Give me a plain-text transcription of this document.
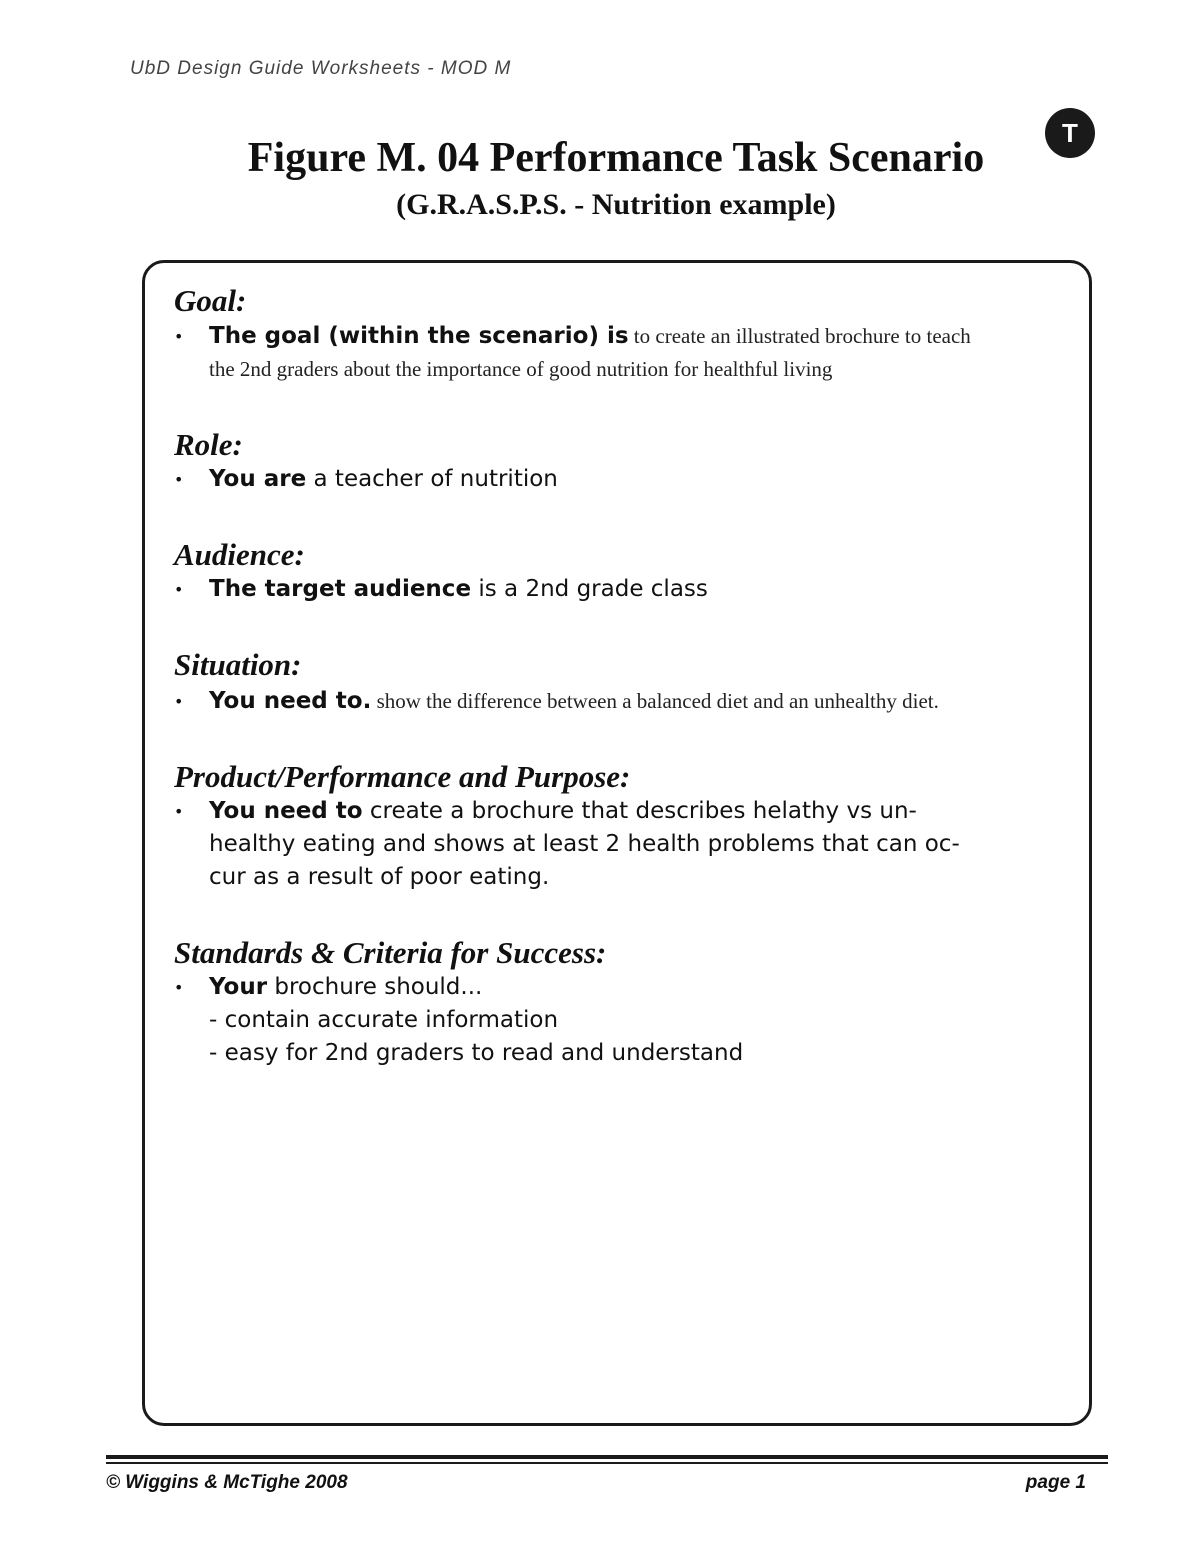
UbD Design Guide Worksheets - MOD M
Figure M. 04 Performance Task Scenario
(G.R.A.S.P.S. - Nutrition example)
T
Goal:
•	The goal (within the scenario) is to create an illustrated brochure to teach
the 2nd graders about the importance of good nutrition for healthful living
Role:
•	You are a teacher of nutrition
Audience:
•	The target audience is a 2nd grade class
Situation:
•	You need to. show the difference between a balanced diet and an unhealthy diet.
Product/Performance and Purpose:
•	You need to create a brochure that describes helathy vs un-
healthy eating and shows at least 2 health problems that can oc-
cur as a result of poor eating.
Standards & Criteria for Success:
•	Your brochure should...
- contain accurate information
- easy for 2nd graders to read and understand
© Wiggins & McTighe 2008	page 1
